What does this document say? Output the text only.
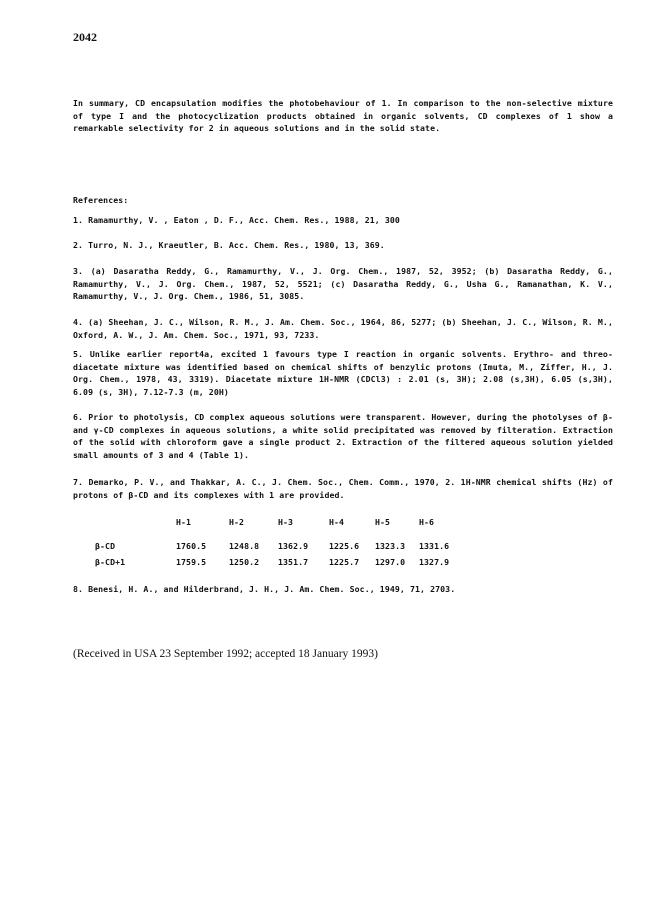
2042
In summary, CD encapsulation modifies the photobehaviour of 1. In comparison to the non-selective mixture of type I and the photocyclization products obtained in organic solvents, CD complexes of 1 show a remarkable selectivity for 2 in aqueous solutions and in the solid state.
References:
1. Ramamurthy, V. , Eaton , D. F., Acc. Chem. Res., 1988, 21, 300
2. Turro, N. J., Kraeutler, B. Acc. Chem. Res., 1980, 13, 369.
3. (a) Dasaratha Reddy, G., Ramamurthy, V., J. Org. Chem., 1987, 52, 3952; (b) Dasaratha Reddy, G., Ramamurthy, V., J. Org. Chem., 1987, 52, 5521; (c) Dasaratha Reddy, G., Usha G., Ramanathan, K. V., Ramamurthy, V., J. Org. Chem., 1986, 51, 3085.
4. (a) Sheehan, J. C., Wilson, R. M., J. Am. Chem. Soc., 1964, 86, 5277; (b) Sheehan, J. C., Wilson, R. M., Oxford, A. W., J. Am. Chem. Soc., 1971, 93, 7233.
5. Unlike earlier report4a, excited 1 favours type I reaction in organic solvents. Erythro- and threo-diacetate mixture was identified based on chemical shifts of benzylic protons (Imuta, M., Ziffer, H., J. Org. Chem., 1978, 43, 3319). Diacetate mixture 1H-NMR (CDCl3) : 2.01 (s, 3H); 2.08 (s,3H), 6.05 (s,3H), 6.09 (s, 3H), 7.12-7.3 (m, 20H)
6. Prior to photolysis, CD complex aqueous solutions were transparent. However, during the photolyses of β- and γ-CD complexes in aqueous solutions, a white solid precipitated was removed by filteration. Extraction of the solid with chloroform gave a single product 2. Extraction of the filtered aqueous solution yielded small amounts of 3 and 4 (Table 1).
7. Demarko, P. V., and Thakkar, A. C., J. Chem. Soc., Chem. Comm., 1970, 2. 1H-NMR chemical shifts (Hz) of protons of β-CD and its complexes with 1 are provided.
	H-1	H-2	H-3	H-4	H-5	H-6
β-CD	1760.5	1248.8	1362.9	1225.6	1323.3	1331.6
β-CD+1	1759.5	1250.2	1351.7	1225.7	1297.0	1327.9
8. Benesi, H. A., and Hilderbrand, J. H., J. Am. Chem. Soc., 1949, 71, 2703.
(Received in USA 23 September 1992; accepted 18 January 1993)
